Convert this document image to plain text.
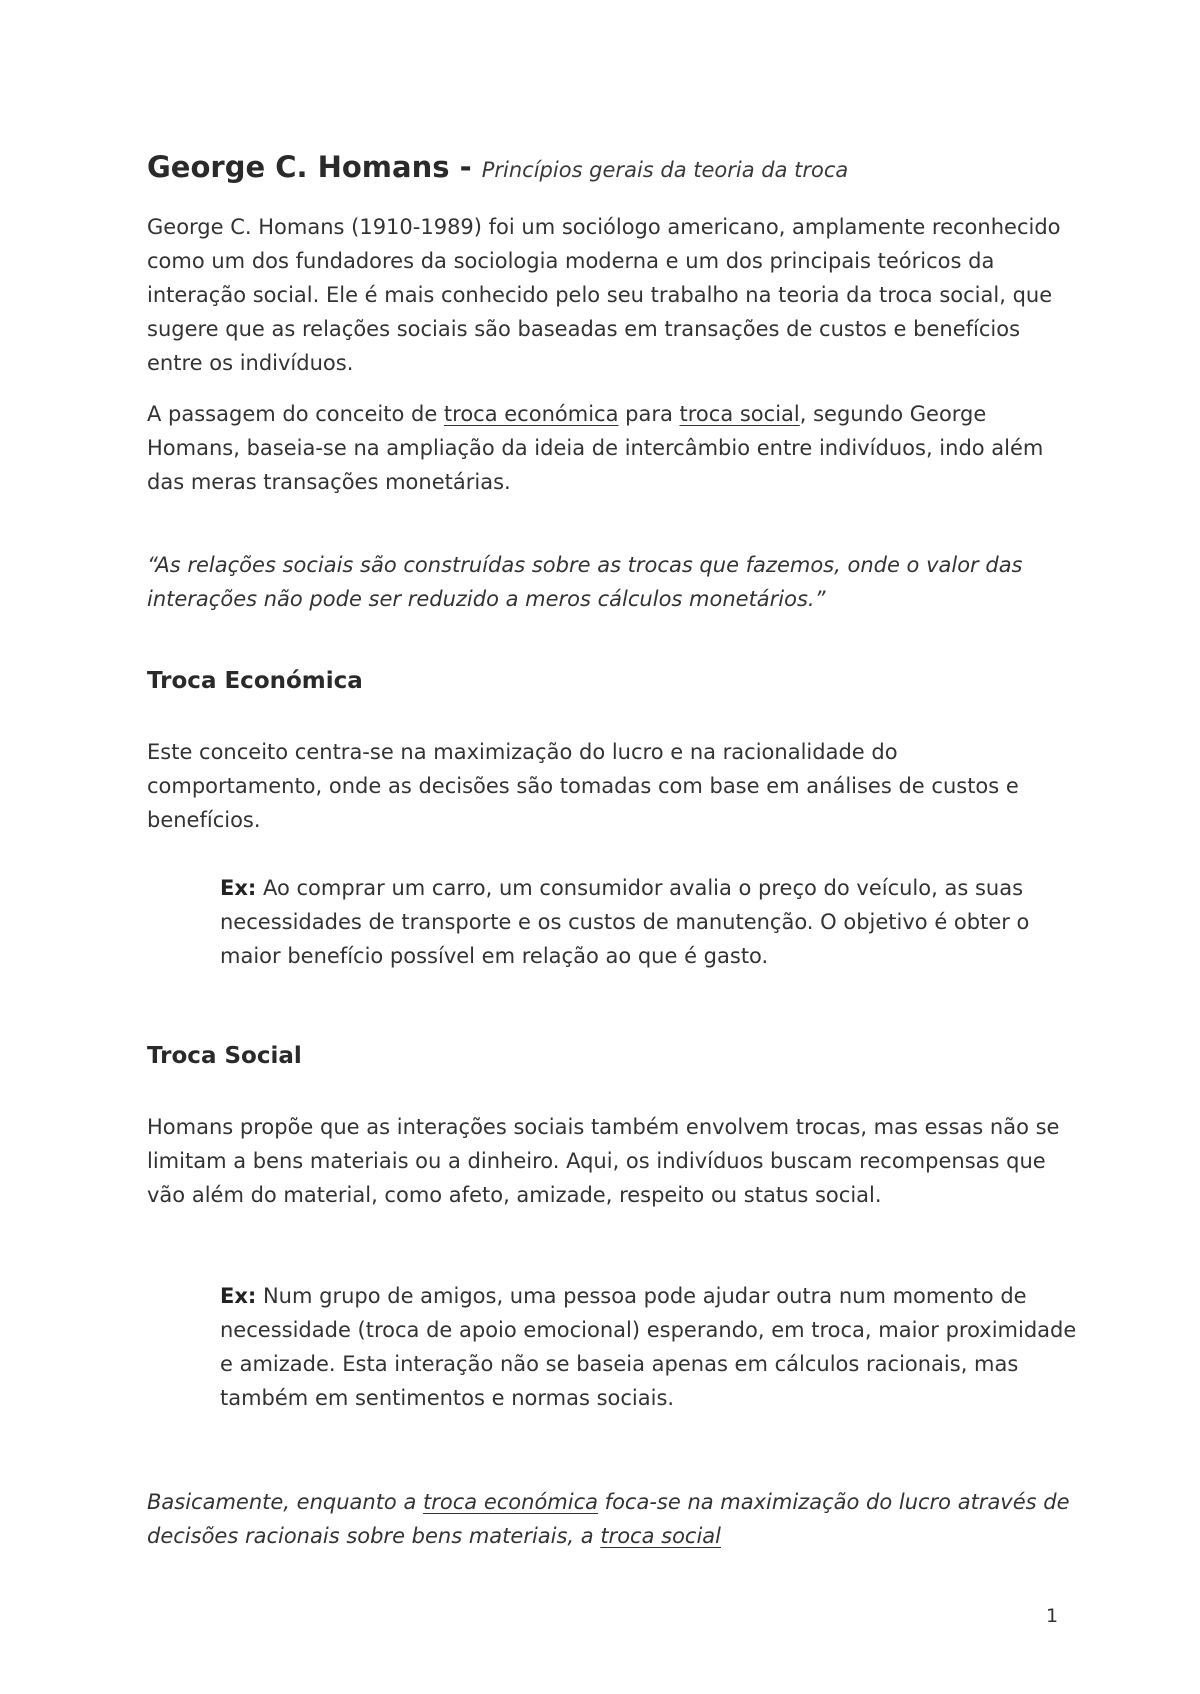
George C. Homans - Princípios gerais da teoria da troca

George C. Homans (1910-1989) foi um sociólogo americano, amplamente reconhecido como um dos fundadores da sociologia moderna e um dos principais teóricos da interação social. Ele é mais conhecido pelo seu trabalho na teoria da troca social, que sugere que as relações sociais são baseadas em transações de custos e benefícios entre os indivíduos.

A passagem do conceito de troca económica para troca social, segundo George Homans, baseia-se na ampliação da ideia de intercâmbio entre indivíduos, indo além das meras transações monetárias.

“As relações sociais são construídas sobre as trocas que fazemos, onde o valor das interações não pode ser reduzido a meros cálculos monetários.”

Troca Económica

Este conceito centra-se na maximização do lucro e na racionalidade do comportamento, onde as decisões são tomadas com base em análises de custos e benefícios.

Ex: Ao comprar um carro, um consumidor avalia o preço do veículo, as suas necessidades de transporte e os custos de manutenção. O objetivo é obter o maior benefício possível em relação ao que é gasto.

Troca Social

Homans propõe que as interações sociais também envolvem trocas, mas essas não se limitam a bens materiais ou a dinheiro. Aqui, os indivíduos buscam recompensas que vão além do material, como afeto, amizade, respeito ou status social.

Ex: Num grupo de amigos, uma pessoa pode ajudar outra num momento de necessidade (troca de apoio emocional) esperando, em troca, maior proximidade e amizade. Esta interação não se baseia apenas em cálculos racionais, mas também em sentimentos e normas sociais.

Basicamente, enquanto a troca económica foca-se na maximização do lucro através de decisões racionais sobre bens materiais, a troca social

1
